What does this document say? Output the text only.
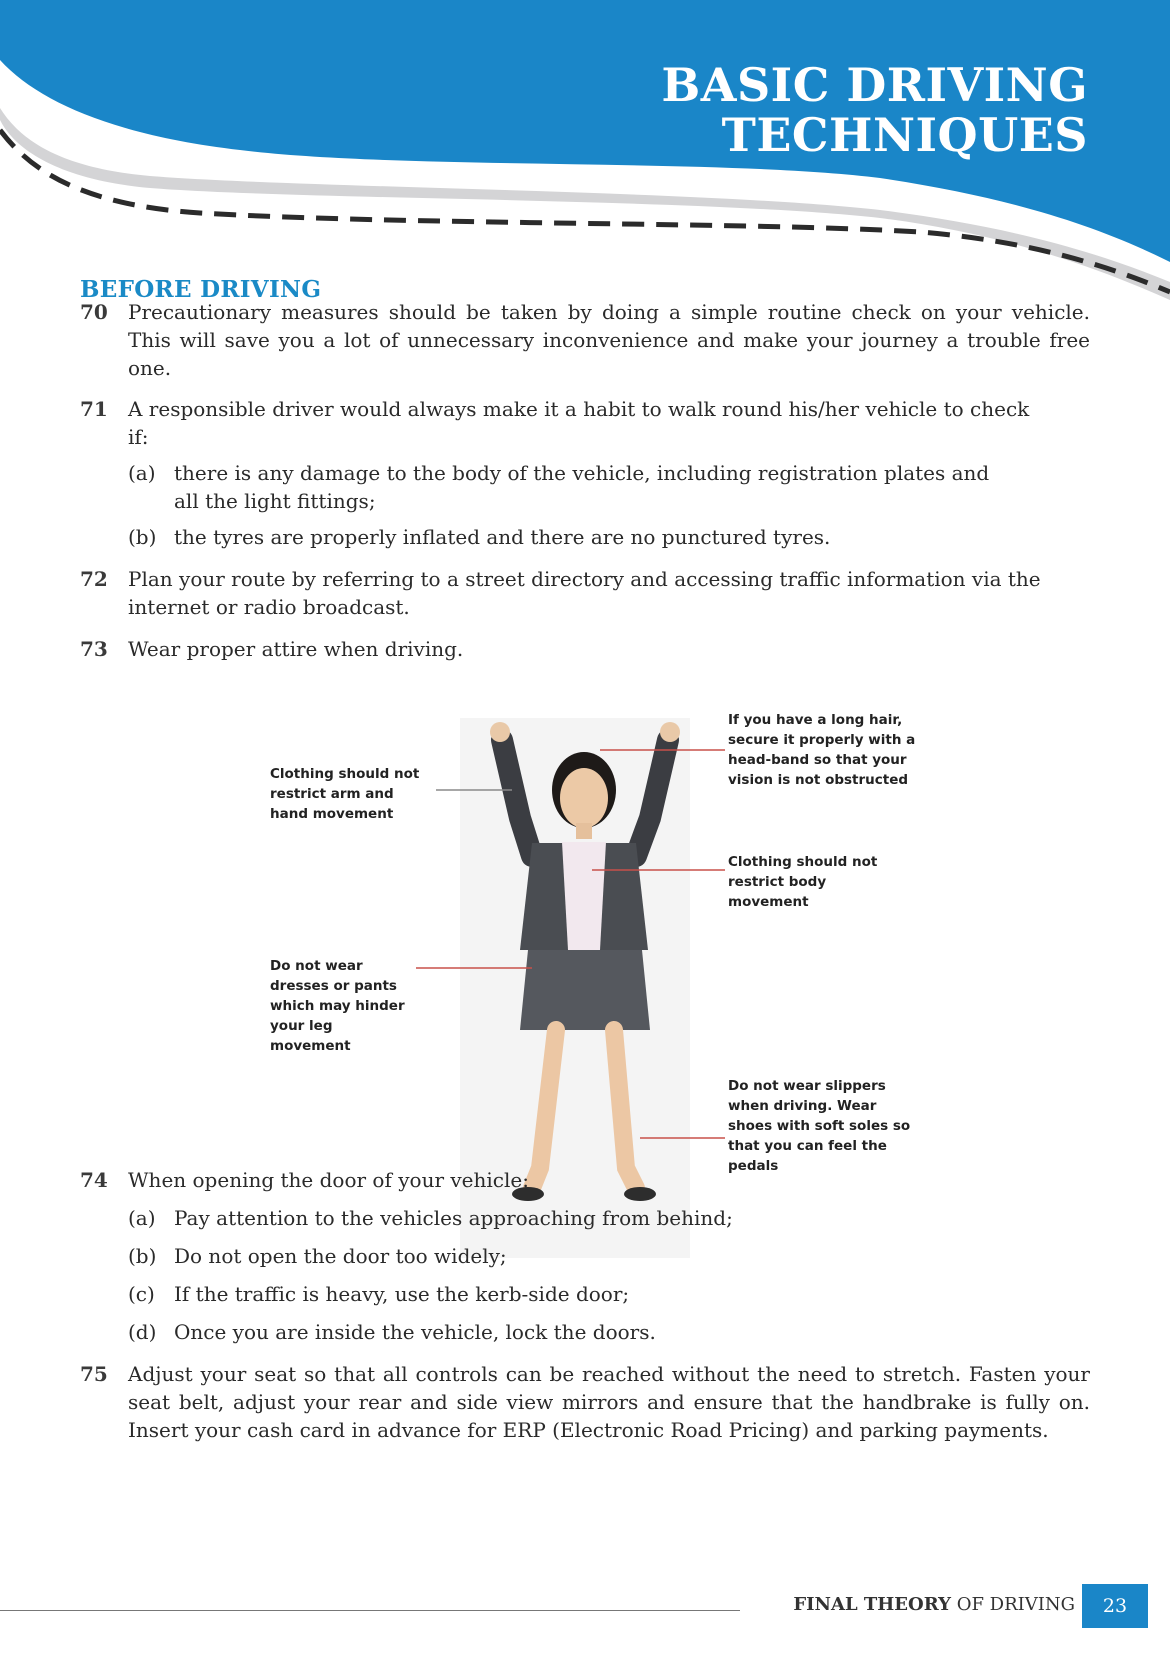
BASIC DRIVING
TECHNIQUES
BEFORE DRIVING
70	Precautionary measures should be taken by doing a simple routine check on your vehicle. This will save you a lot of unnecessary inconvenience and make your journey a trouble free one.
71	A responsible driver would always make it a habit to walk round his/her vehicle to check if:
(a) there is any damage to the body of the vehicle, including registration plates and all the light fittings;
(b) the tyres are properly inflated and there are no punctured tyres.
72	Plan your route by referring to a street directory and accessing traffic information via the internet or radio broadcast.
73	Wear proper attire when driving.
Clothing should not restrict arm and hand movement
If you have a long hair, secure it properly with a head-band so that your vision is not obstructed
Clothing should not restrict body movement
Do not wear dresses or pants which may hinder your leg movement
Do not wear slippers when driving. Wear shoes with soft soles so that you can feel the pedals
74	When opening the door of your vehicle:
(a) Pay attention to the vehicles approaching from behind;
(b) Do not open the door too widely;
(c) If the traffic is heavy, use the kerb-side door;
(d) Once you are inside the vehicle, lock the doors.
75	Adjust your seat so that all controls can be reached without the need to stretch. Fasten your seat belt, adjust your rear and side view mirrors and ensure that the handbrake is fully on. Insert your cash card in advance for ERP (Electronic Road Pricing) and parking payments.
FINAL THEORY OF DRIVING	23
